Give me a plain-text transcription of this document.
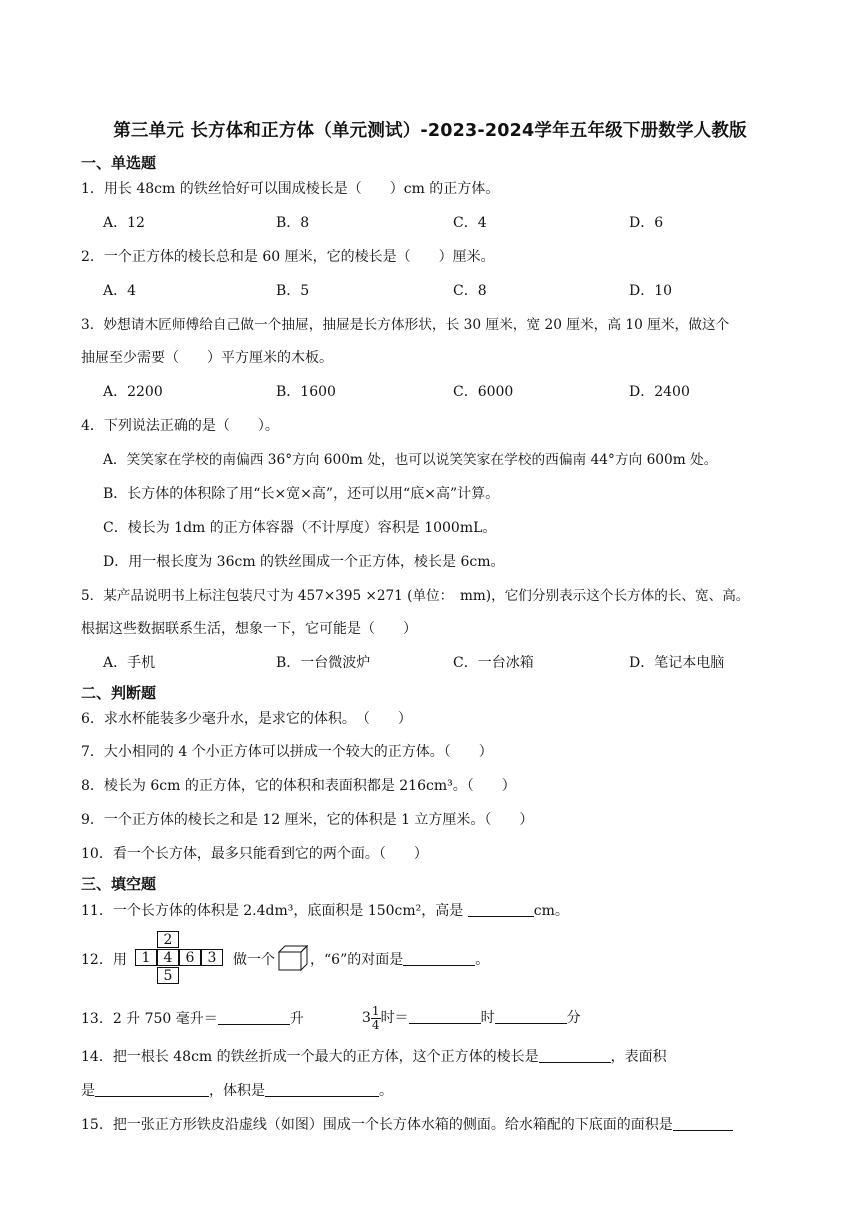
第三单元 长方体和正方体（单元测试）-2023-2024学年五年级下册数学人教版
一、单选题
1．用长 48cm 的铁丝恰好可以围成棱长是（　　）cm 的正方体。
A．12	B．8	C．4	D．6
2．一个正方体的棱长总和是 60 厘米，它的棱长是（　　）厘米。
A．4	B．5	C．8	D．10
3．妙想请木匠师傅给自己做一个抽屉，抽屉是长方体形状，长 30 厘米，宽 20 厘米，高 10 厘米，做这个
抽屉至少需要（　　）平方厘米的木板。
A．2200	B．1600	C．6000	D．2400
4．下列说法正确的是（　　）。
A．笑笑家在学校的南偏西 36°方向 600m 处，也可以说笑笑家在学校的西偏南 44°方向 600m 处。
B．长方体的体积除了用“长×宽×高”，还可以用“底×高”计算。
C．棱长为 1dm 的正方体容器（不计厚度）容积是 1000mL。
D．用一根长度为 36cm 的铁丝围成一个正方体，棱长是 6cm。
5．某产品说明书上标注包装尺寸为 457×395 ×271 (单位：　mm)，它们分别表示这个长方体的长、宽、高。
根据这些数据联系生活，想象一下，它可能是（　　）
A．手机	B．一台微波炉	C．一台冰箱	D．笔记本电脑
二、判断题
6．求水杯能装多少毫升水，是求它的体积。　（　　）
7．大小相同的 4 个小正方体可以拼成一个较大的正方体。（　　）
8．棱长为 6cm 的正方体，它的体积和表面积都是 216cm³。（　　）
9．一个正方体的棱长之和是 12 厘米，它的体积是 1 立方厘米。（　　）
10．看一个长方体，最多只能看到它的两个面。（　　）
三、填空题
11．一个长方体的体积是 2.4dm³，底面积是 150cm²，高是	cm。
12．用
2
1 4 6 3
5
做一个	，“6”的对面是	。
13．2 升 750 毫升＝	升	$3 \frac{1}{4}$ 时＝	时	分
14．把一根长 48cm 的铁丝折成一个最大的正方体，这个正方体的棱长是	，表面积
是	，体积是	。
15．把一张正方形铁皮沿虚线（如图）围成一个长方体水箱的侧面。给水箱配的下底面的面积是
